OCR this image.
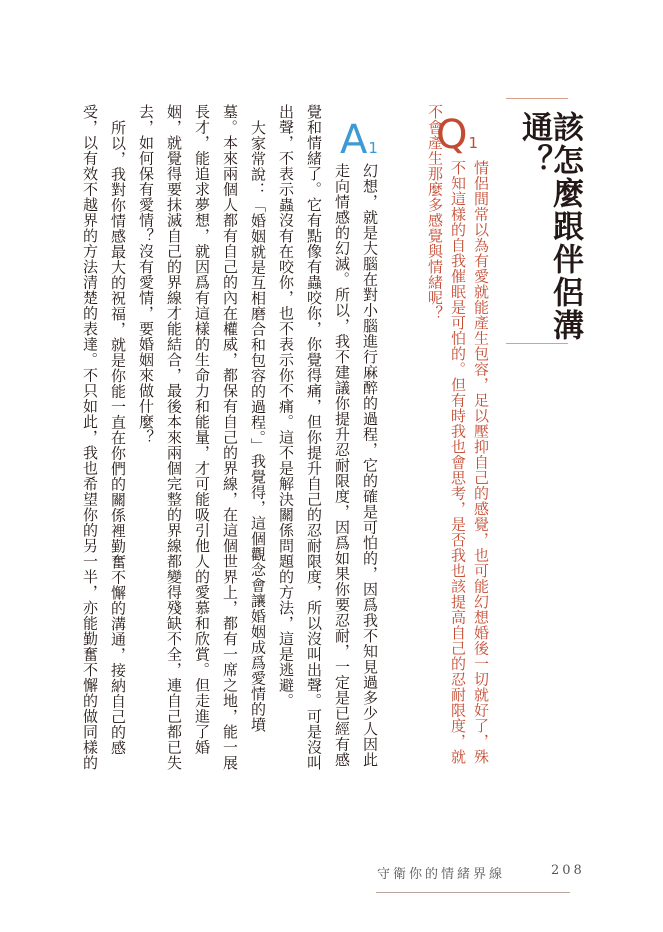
該怎麼跟伴侶溝通？
Q1
情侶間常以為有愛就能產生包容，足以壓抑自己的感覺，也可能幻想婚後一切就好了，殊
不知這樣的自我催眠是可怕的。但有時我也會思考，是否我也該提高自己的忍耐限度，就
不會產生那麼多感覺與情緒呢？
A1
幻想，就是大腦在對小腦進行麻醉的過程，它的確是可怕的，因爲我不知見過多少人因此
走向情感的幻滅。所以，我不建議你提升忍耐限度，因爲如果你要忍耐，一定是已經有感
覺和情緒了。它有點像有蟲咬你，你覺得痛，但你提升自己的忍耐限度，所以沒叫出聲。可是沒叫
出聲，不表示蟲沒有在咬你，也不表示你不痛。這不是解決關係問題的方法，這是逃避。
大家常說：「婚姻就是互相磨合和包容的過程。」我覺得，這個觀念會讓婚姻成爲愛情的墳
墓。本來兩個人都有自己的內在權威，都保有自己的界線，在這個世界上，都有一席之地，能一展
長才，能追求夢想，就因爲有這樣的生命力和能量，才可能吸引他人的愛慕和欣賞。但走進了婚
姻，就覺得要抹滅自己的界線才能結合，最後本來兩個完整的界線都變得殘缺不全，連自己都已失
去，如何保有愛情？沒有愛情，要婚姻來做什麼？
所以，我對你情感最大的祝福，就是你能一直在你們的關係裡勤奮不懈的溝通，接納自己的感
受，以有效不越界的方法清楚的表達。不只如此，我也希望你的另一半，亦能勤奮不懈的做同樣的
守衛你的情緒界線	208
